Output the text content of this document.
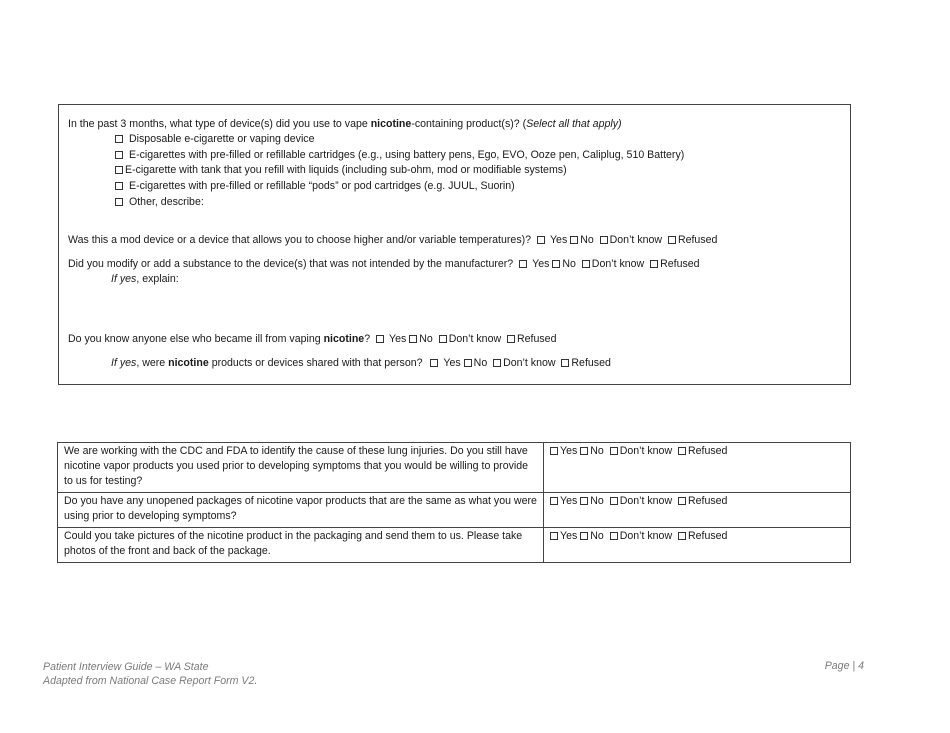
In the past 3 months, what type of device(s) did you use to vape nicotine-containing product(s)? (Select all that apply)
Disposable e-cigarette or vaping device
E-cigarettes with pre-filled or refillable cartridges (e.g., using battery pens, Ego, EVO, Ooze pen, Caliplug, 510 Battery)
E-cigarette with tank that you refill with liquids (including sub-ohm, mod or modifiable systems)
E-cigarettes with pre-filled or refillable “pods” or pod cartridges (e.g. JUUL, Suorin)
Other, describe:
Was this a mod device or a device that allows you to choose higher and/or variable temperatures)? Yes No Don’t know Refused
Did you modify or add a substance to the device(s) that was not intended by the manufacturer? Yes No Don’t know Refused
If yes, explain:
Do you know anyone else who became ill from vaping nicotine? Yes No Don’t know Refused
If yes, were nicotine products or devices shared with that person? Yes No Don’t know Refused
We are working with the CDC and FDA to identify the cause of these lung injuries. Do you still have nicotine vapor products you used prior to developing symptoms that you would be willing to provide to us for testing?	Yes No Don’t know Refused
Do you have any unopened packages of nicotine vapor products that are the same as what you were using prior to developing symptoms?	Yes No Don’t know Refused
Could you take pictures of the nicotine product in the packaging and send them to us. Please take photos of the front and back of the package.	Yes No Don’t know Refused
Patient Interview Guide – WA State
Adapted from National Case Report Form V2.
Page | 4
